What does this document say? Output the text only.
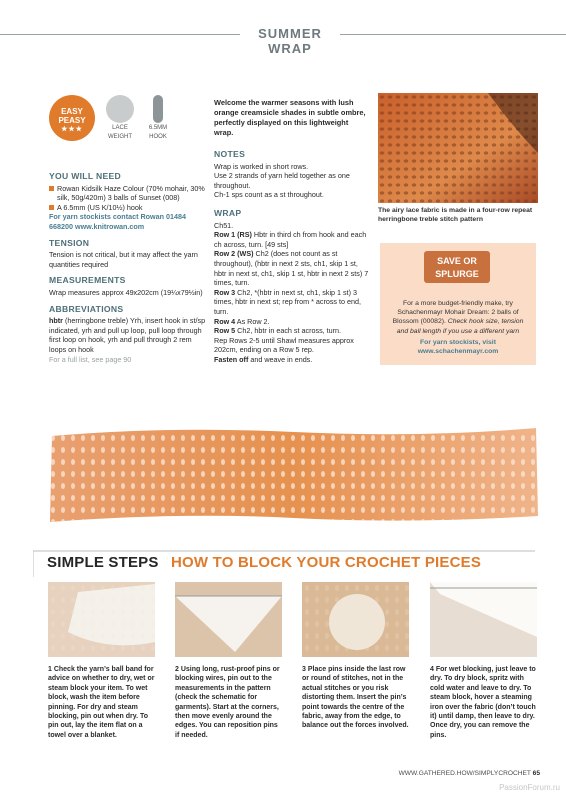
SUMMER WRAP
EASY
PEASY
★★★	LACE
WEIGHT
6.5MM
HOOK
YOU WILL NEED
Rowan Kidsilk Haze Colour (70% mohair, 30% silk, 50g/420m) 3 balls of Sunset (008)
A 6.5mm (US K/10½) hook
For yarn stockists contact Rowan 01484 668200 www.knitrowan.com
TENSION
Tension is not critical, but it may affect the yarn quantities required
MEASUREMENTS
Wrap measures approx 49x202cm (19¼x79½in)
ABBREVIATIONS
hbtr (herringbone treble) Yrh, insert hook in st/sp indicated, yrh and pull up loop, pull loop through first loop on hook, yrh and pull through 2 rem loops on hook
For a full list, see page 90
Welcome the warmer seasons with lush orange creamsicle shades in subtle ombre, perfectly displayed on this lightweight wrap.
NOTES

Wrap is worked in short rows.

Use 2 strands of yarn held together as one throughout.

Ch-1 sps count as a st throughout.

WRAP

Ch51.

Row 1 (RS) Hbtr in third ch from hook and each ch across, turn. [49 sts]

Row 2 (WS) Ch2 (does not count as st throughout), (hbtr in next 2 sts, ch1, skip 1 st, hbtr in next st, ch1, skip 1 st, hbtr in next 2 sts) 7 times, turn.

Row 3 Ch2, *(hbtr in next st, ch1, skip 1 st) 3 times, hbtr in next st; rep from * across to end, turn.

Row 4 As Row 2.

Row 5 Ch2, hbtr in each st across, turn.

Rep Rows 2-5 until Shawl measures approx 202cm, ending on a Row 5 rep.

Fasten off and weave in ends.

The airy lace fabric is made in a four-row repeat herringbone treble stitch pattern
SAVE OR
SPLURGE
For a more budget-friendly make, try Schachenmayr Mohair Dream: 2 balls of Blossom (00082). Check hook size, tension and ball length if you use a different yarn
For yarn stockists, visit www.schachenmayr.com
SIMPLE STEPS HOW TO BLOCK YOUR CROCHET PIECES
1 Check the yarn’s ball band for advice on whether to dry, wet or steam block your item. To wet block, wash the item before pinning. For dry and steam blocking, pin out when dry. To pin out, lay the item flat on a towel over a blanket.
2 Using long, rust-proof pins or blocking wires, pin out to the measurements in the pattern (check the schematic for garments). Start at the corners, then move evenly around the edges. You can reposition pins if needed.
3 Place pins inside the last row or round of stitches, not in the actual stitches or you risk distorting them. Insert the pin’s point towards the centre of the fabric, away from the edge, to balance out the forces involved.
4 For wet blocking, just leave to dry. To dry block, spritz with cold water and leave to dry. To steam block, hover a steaming iron over the fabric (don’t touch it) until damp, then leave to dry. Once dry, you can remove the pins.
WWW.GATHERED.HOW/SIMPLYCROCHET 65
PassionForum.ru
